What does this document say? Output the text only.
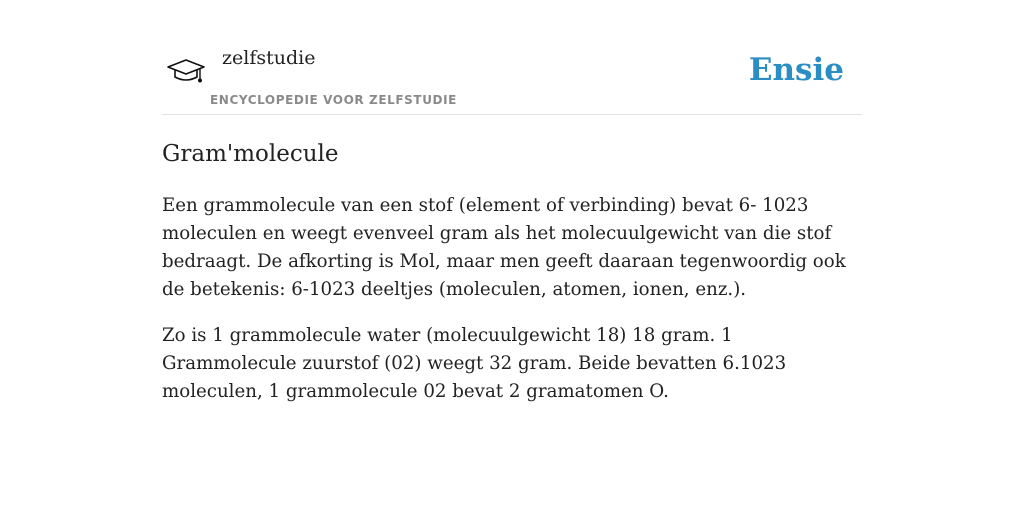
zelfstudie
ENCYCLOPEDIE VOOR ZELFSTUDIE
Ensie
Gram'molecule

Een grammolecule van een stof (element of verbinding) bevat 6- 1023 moleculen en weegt evenveel gram als het molecuulgewicht van die stof bedraagt. De afkorting is Mol, maar men geeft daaraan tegenwoordig ook de betekenis: 6-1023 deeltjes (moleculen, atomen, ionen, enz.).

Zo is 1 grammolecule water (molecuulgewicht 18) 18 gram. 1 Grammolecule zuurstof (02) weegt 32 gram. Beide bevatten 6.1023 moleculen, 1 grammolecule 02 bevat 2 gramatomen O.
